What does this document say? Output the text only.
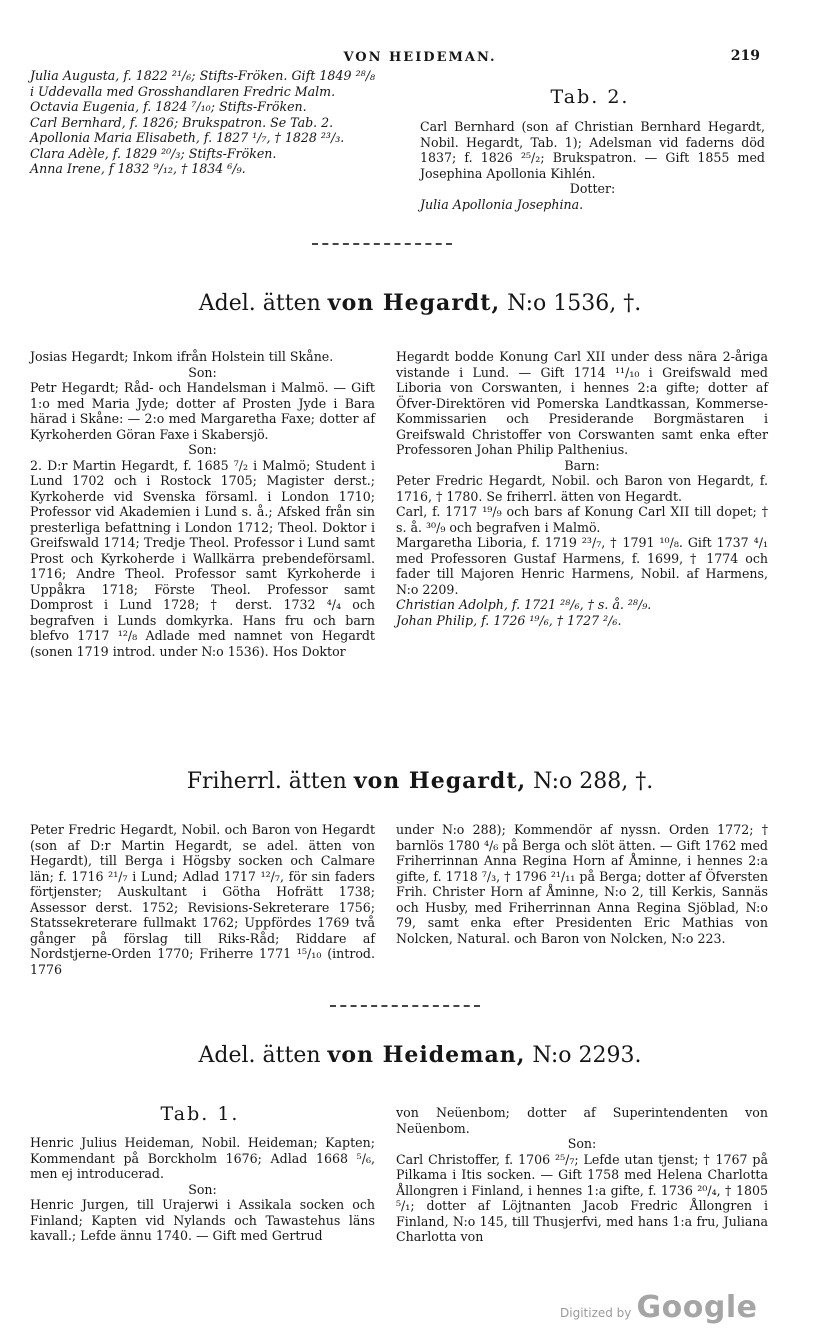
VON HEIDEMAN.	219

Julia Augusta, f. 1822 ²¹/₆; Stifts-Fröken. Gift 1849 ²⁸/₈ i Uddevalla med Grosshandlaren Fredric Malm.

Octavia Eugenia, f. 1824 ⁷/₁₀; Stifts-Fröken.

Carl Bernhard, f. 1826; Brukspatron. Se Tab. 2.

Apollonia Maria Elisabeth, f. 1827 ¹/₇, † 1828 ²³/₃.

Clara Adèle, f. 1829 ²⁰/₃; Stifts-Fröken.

Anna Irene, f 1832 ⁹/₁₂, † 1834 ⁶/₉.

Tab. 2.

Carl Bernhard (son af Christian Bernhard Hegardt, Nobil. Hegardt, Tab. 1); Adelsman vid faderns död 1837; f. 1826 ²⁵/₂; Brukspatron. — Gift 1855 med Josephina Apollonia Kihlén.

Dotter:

Julia Apollonia Josephina.

Adel. ätten von Hegardt, N:o 1536, †.

Josias Hegardt; Inkom ifrån Holstein till Skåne.

Son:

Petr Hegardt; Råd- och Handelsman i Malmö. — Gift 1:o med Maria Jyde; dotter af Prosten Jyde i Bara härad i Skåne: — 2:o med Margaretha Faxe; dotter af Kyrkoherden Göran Faxe i Skabersjö.

Son:

2. D:r Martin Hegardt, f. 1685 ⁷/₂ i Malmö; Student i Lund 1702 och i Rostock 1705; Magister derst.; Kyrkoherde vid Svenska församl. i London 1710; Professor vid Akademien i Lund s. å.; Afsked från sin presterliga befattning i London 1712; Theol. Doktor i Greifswald 1714; Tredje Theol. Professor i Lund samt Prost och Kyrkoherde i Wallkärra prebendeförsaml. 1716; Andre Theol. Professor samt Kyrkoherde i Uppåkra 1718; Förste Theol. Professor samt Domprost i Lund 1728; † derst. 1732 ⁴/₄ och begrafven i Lunds domkyrka. Hans fru och barn blefvo 1717 ¹²/₈ Adlade med namnet von Hegardt (sonen 1719 introd. under N:o 1536). Hos Doktor

Hegardt bodde Konung Carl XII under dess nära 2-åriga vistande i Lund. — Gift 1714 ¹¹/₁₀ i Greifswald med Liboria von Corswanten, i hennes 2:a gifte; dotter af Öfver-Direktören vid Pomerska Landtkassan, Kommerse-Kommissarien och Presiderande Borgmästaren i Greifswald Christoffer von Corswanten samt enka efter Professoren Johan Philip Palthenius.

Barn:

Peter Fredric Hegardt, Nobil. och Baron von Hegardt, f. 1716, † 1780. Se friherrl. ätten von Hegardt.

Carl, f. 1717 ¹⁹/₉ och bars af Konung Carl XII till dopet; † s. å. ³⁰/₉ och begrafven i Malmö.

Margaretha Liboria, f. 1719 ²³/₇, † 1791 ¹⁰/₈. Gift 1737 ⁴/₁ med Professoren Gustaf Harmens, f. 1699, † 1774 och fader till Majoren Henric Harmens, Nobil. af Harmens, N:o 2209.

Christian Adolph, f. 1721 ²⁸/₆, † s. å. ²⁸/₉.

Johan Philip, f. 1726 ¹⁹/₆, † 1727 ²/₆.

Friherrl. ätten von Hegardt, N:o 288, †.

Peter Fredric Hegardt, Nobil. och Baron von Hegardt (son af D:r Martin Hegardt, se adel. ätten von Hegardt), till Berga i Högsby socken och Calmare län; f. 1716 ²¹/₇ i Lund; Adlad 1717 ¹²/₇, för sin faders förtjenster; Auskultant i Götha Hofrätt 1738; Assessor derst. 1752; Revisions-Sekreterare 1756; Statssekreterare fullmakt 1762; Uppfördes 1769 två gånger på förslag till Riks-Råd; Riddare af Nordstjerne-Orden 1770; Friherre 1771 ¹⁵/₁₀ (introd. 1776

under N:o 288); Kommendör af nyssn. Orden 1772; † barnlös 1780 ⁴/₆ på Berga och slöt ätten. — Gift 1762 med Friherrinnan Anna Regina Horn af Åminne, i hennes 2:a gifte, f. 1718 ⁷/₃, † 1796 ²¹/₁₁ på Berga; dotter af Öfversten Frih. Christer Horn af Åminne, N:o 2, till Kerkis, Sannäs och Husby, med Friherrinnan Anna Regina Sjöblad, N:o 79, samt enka efter Presidenten Eric Mathias von Nolcken, Natural. och Baron von Nolcken, N:o 223.

Adel. ätten von Heideman, N:o 2293.
Tab. 1.

Henric Julius Heideman, Nobil. Heideman; Kapten; Kommendant på Borckholm 1676; Adlad 1668 ⁵/₆, men ej introducerad.

Son:

Henric Jurgen, till Urajerwi i Assikala socken och Finland; Kapten vid Nylands och Tawastehus läns kavall.; Lefde ännu 1740. — Gift med Gertrud

von Neüenbom; dotter af Superintendenten von Neüenbom.

Son:

Carl Christoffer, f. 1706 ²⁵/₇; Lefde utan tjenst; † 1767 på Pilkama i Itis socken. — Gift 1758 med Helena Charlotta Ållongren i Finland, i hennes 1:a gifte, f. 1736 ²⁰/₄, † 1805 ⁵/₁; dotter af Löjtnanten Jacob Fredric Ållongren i Finland, N:o 145, till Thusjerfvi, med hans 1:a fru, Juliana Charlotta von

Digitized by Google
